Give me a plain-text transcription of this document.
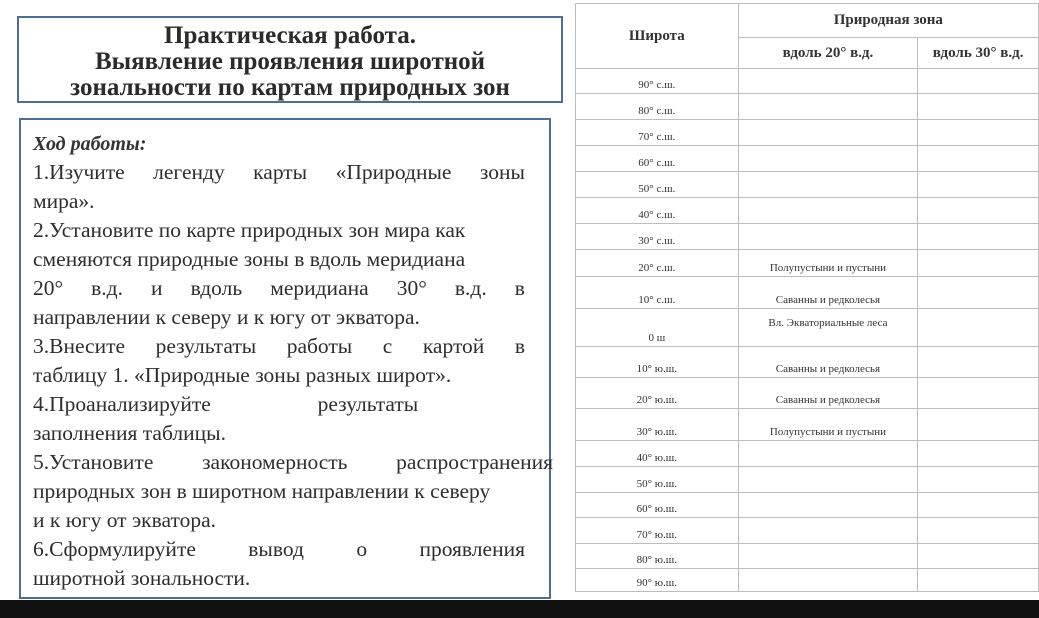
Практическая работа.
Выявление проявления широтной
зональности по картам природных зон
Ход работы:
1.Изучите легенду карты «Природные зоны
мира».
2.Установите по карте природных зон мира как
сменяются природные зоны в вдоль меридиана
20° в.д. и вдоль меридиана 30° в.д. в
направлении к северу и к югу от экватора.
3.Внесите результаты работы с картой в
таблицу 1. «Природные зоны разных широт».
4.Проанализируйте	результаты
заполнения таблицы.
5.Установите закономерность распространения
природных зон в широтном направлении к северу
и к югу от экватора.
6.Сформулируйте вывод о проявления
широтной зональности.
Широта	Природная зона	
	вдоль 20° в.д.	вдоль 30° в.д.
90° с.ш.		
80° с.ш.		
70° с.ш.		
60° с.ш.		
50° с.ш.		
40° с.ш.		
30° с.ш.		
20° с.ш.	Полупустыни и пустыни	
10° с.ш.	Саванны и редколесья	
0 ш	Вл. Экваториальные леса	
10° ю.ш.	Саванны и редколесья	
20° ю.ш.	Саванны и редколесья	
30° ю.ш.	Полупустыни и пустыни	
40° ю.ш.		
50° ю.ш.		
60° ю.ш.		
70° ю.ш.		
80° ю.ш.		
90° ю.ш.		
